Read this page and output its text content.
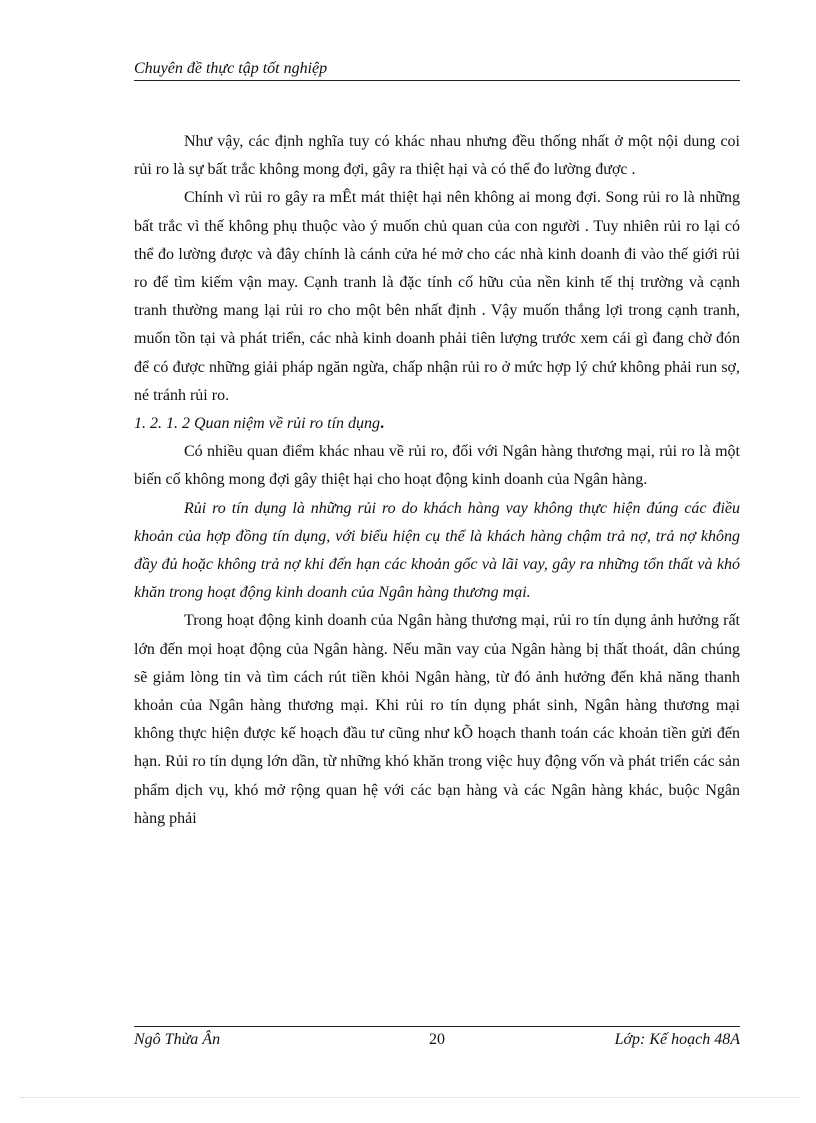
Chuyên đề thực tập tốt nghiệp

Như vậy, các định nghĩa tuy có khác nhau nhưng đều thống nhất ở một nội dung coi rủi ro là sự bất trắc không mong đợi, gây ra thiệt hại và có thể đo lường được .

Chính vì rủi ro gây ra mÊt mát thiệt hại nên không ai mong đợi. Song rủi ro là những bất trắc vì thế không phụ thuộc vào ý muốn chủ quan của con người . Tuy nhiên rủi ro lại có thể đo lường được và đây chính là cánh cửa hé mở cho các nhà kinh doanh đi vào thế giới rủi ro để tìm kiếm vận may. Cạnh tranh là đặc tính cố hữu của nền kinh tế thị trường và cạnh tranh thường mang lại rủi ro cho một bên nhất định . Vậy muốn thắng lợi trong cạnh tranh, muốn tồn tại và phát triển, các nhà kinh doanh phải tiên lượng trước xem cái gì đang chờ đón để có được những giải pháp ngăn ngừa, chấp nhận rủi ro ở mức hợp lý chứ không phải run sợ, né tránh rủi ro.

1. 2. 1. 2 Quan niệm về rủi ro tín dụng.

Có nhiều quan điểm khác nhau về rủi ro, đối với Ngân hàng thương mại, rủi ro là một biến cố không mong đợi gây thiệt hại cho hoạt động kinh doanh của Ngân hàng.

Rủi ro tín dụng là những rủi ro do khách hàng vay không thực hiện đúng các điều khoản của hợp đồng tín dụng, với biểu hiện cụ thể là khách hàng chậm trả nợ, trả nợ không đầy đủ hoặc không trả nợ khi đến hạn các khoản gốc và lãi vay, gây ra những tổn thất và khó khăn trong hoạt động kinh doanh của Ngân hàng thương mại.

Trong hoạt động kinh doanh của Ngân hàng thương mại, rủi ro tín dụng ảnh hưởng rất lớn đến mọi hoạt động của Ngân hàng. Nếu mãn vay của Ngân hàng bị thất thoát, dân chúng sẽ giảm lòng tin và tìm cách rút tiền khỏi Ngân hàng, từ đó ảnh hưởng đến khả năng thanh khoản của Ngân hàng thương mại. Khi rủi ro tín dụng phát sinh, Ngân hàng thương mại không thực hiện được kế hoạch đầu tư cũng như kÕ hoạch thanh toán các khoản tiền gửi đến hạn. Rủi ro tín dụng lớn dần, từ những khó khăn trong việc huy động vốn và phát triển các sản phẩm dịch vụ, khó mở rộng quan hệ với các bạn hàng và các Ngân hàng khác, buộc Ngân hàng phải

Ngô Thừa Ân	20	Lớp: Kế hoạch 48A
